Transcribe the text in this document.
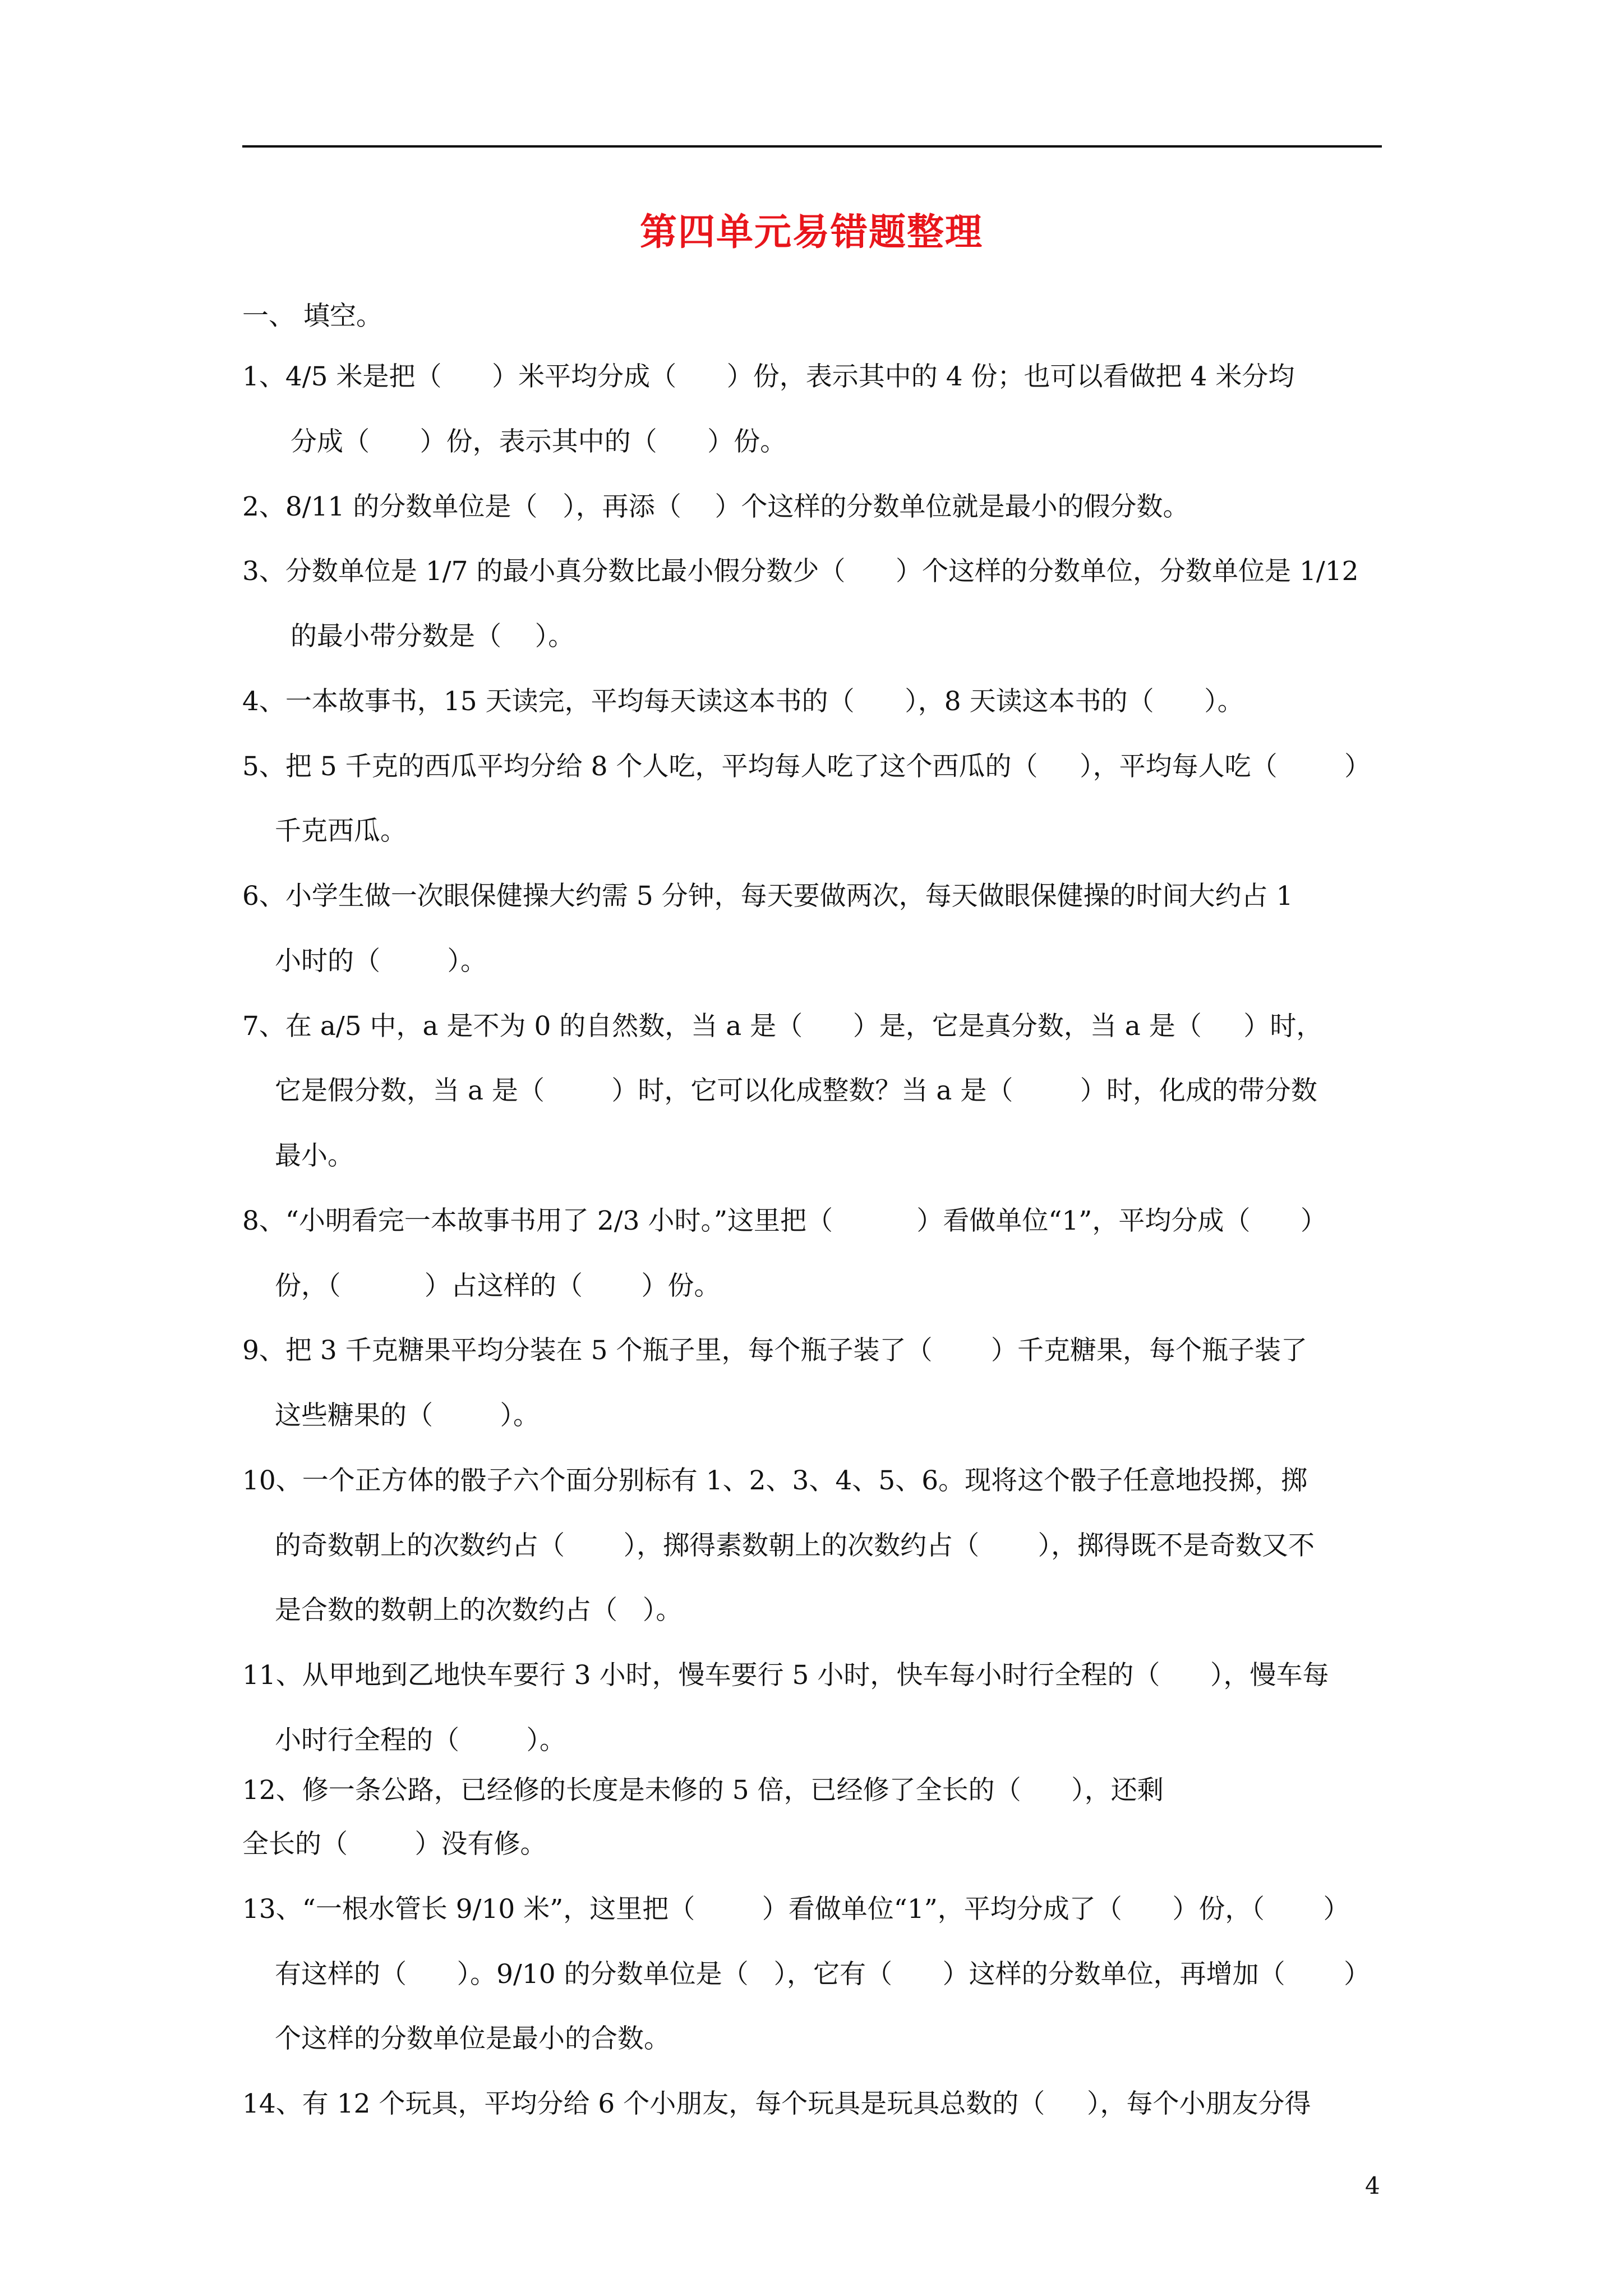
第四单元易错题整理
一、 填空。
1、4/5 米是把（      ）米平均分成（      ）份，表示其中的 4 份；也可以看做把 4 米分均
分成（      ）份，表示其中的（      ）份。
2、8/11 的分数单位是（   ），再添（    ）个这样的分数单位就是最小的假分数。
3、分数单位是 1/7 的最小真分数比最小假分数少（      ）个这样的分数单位，分数单位是 1/12
的最小带分数是（    ）。
4、一本故事书，15 天读完，平均每天读这本书的（      ），8 天读这本书的（      ）。
5、把 5 千克的西瓜平均分给 8 个人吃，平均每人吃了这个西瓜的（     ），平均每人吃（        ）
千克西瓜。
6、小学生做一次眼保健操大约需 5 分钟，每天要做两次，每天做眼保健操的时间大约占 1
小时的（        ）。
7、在 a/5 中，a 是不为 0 的自然数，当 a 是（      ）是，它是真分数，当 a 是（     ）时，
它是假分数，当 a 是（        ）时，它可以化成整数？当 a 是（        ）时，化成的带分数
最小。
8、“小明看完一本故事书用了 2/3 小时。”这里把（          ）看做单位“1”，平均分成（      ）
份，（          ）占这样的（       ）份。
9、把 3 千克糖果平均分装在 5 个瓶子里，每个瓶子装了（       ）千克糖果，每个瓶子装了
这些糖果的（        ）。
10、一个正方体的骰子六个面分别标有 1、2、3、4、5、6。现将这个骰子任意地投掷，掷
的奇数朝上的次数约占（       ），掷得素数朝上的次数约占（       ），掷得既不是奇数又不
是合数的数朝上的次数约占（   ）。
11、从甲地到乙地快车要行 3 小时，慢车要行 5 小时，快车每小时行全程的（      ），慢车每
小时行全程的（        ）。
12、修一条公路，已经修的长度是未修的 5 倍，已经修了全长的（      ），还剩
全长的（        ）没有修。
13、“一根水管长 9/10 米”，这里把（        ）看做单位“1”，平均分成了（      ）份，（       ）
有这样的（      ）。9/10 的分数单位是（   ），它有（      ）这样的分数单位，再增加（       ）
个这样的分数单位是最小的合数。
14、有 12 个玩具，平均分给 6 个小朋友，每个玩具是玩具总数的（     ），每个小朋友分得
4
